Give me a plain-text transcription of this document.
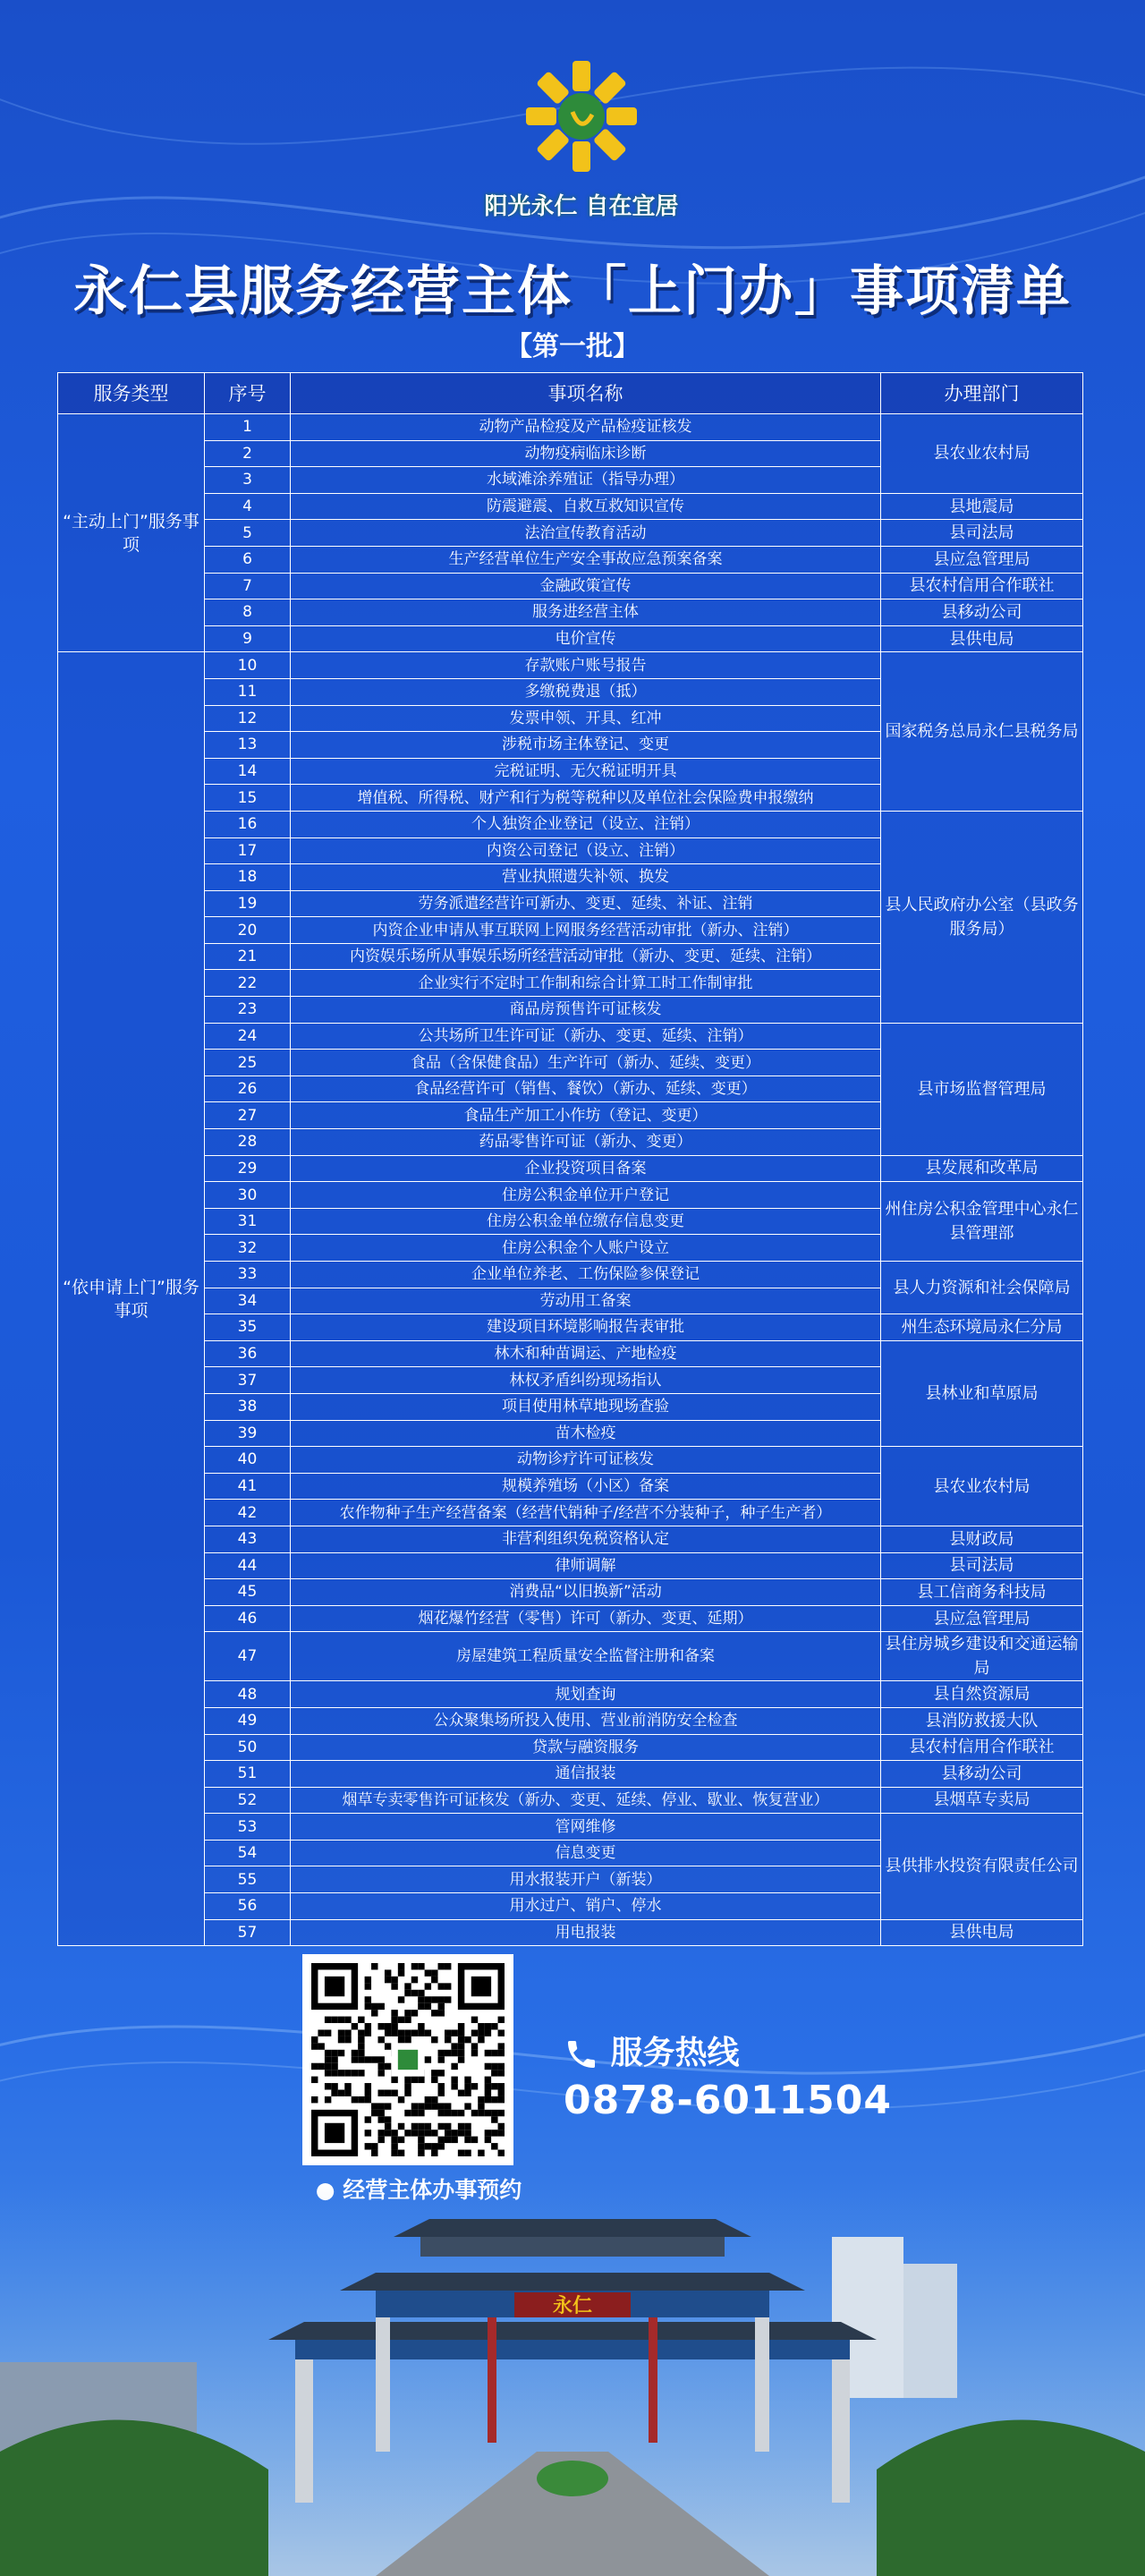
阳光永仁 自在宜居
永仁县服务经营主体「上门办」事项清单
【第一批】
服务类型	序号	事项名称	办理部门
“主动上门”服务事项	1	动物产品检疫及产品检疫证核发	县农业农村局
	2	动物疫病临床诊断	
	3	水域滩涂养殖证（指导办理）	
	4	防震避震、自救互救知识宣传	县地震局
	5	法治宣传教育活动	县司法局
	6	生产经营单位生产安全事故应急预案备案	县应急管理局
	7	金融政策宣传	县农村信用合作联社
	8	服务进经营主体	县移动公司
	9	电价宣传	县供电局
“依申请上门”服务事项	10	存款账户账号报告	国家税务总局永仁县税务局
	11	多缴税费退（抵）	
	12	发票申领、开具、红冲	
	13	涉税市场主体登记、变更	
	14	完税证明、无欠税证明开具	
	15	增值税、所得税、财产和行为税等税种以及单位社会保险费申报缴纳	
	16	个人独资企业登记（设立、注销）	县人民政府办公室（县政务服务局）
	17	内资公司登记（设立、注销）	
	18	营业执照遗失补领、换发	
	19	劳务派遣经营许可新办、变更、延续、补证、注销	
	20	内资企业申请从事互联网上网服务经营活动审批（新办、注销）	
	21	内资娱乐场所从事娱乐场所经营活动审批（新办、变更、延续、注销）	
	22	企业实行不定时工作制和综合计算工时工作制审批	
	23	商品房预售许可证核发	
	24	公共场所卫生许可证（新办、变更、延续、注销）	县市场监督管理局
	25	食品（含保健食品）生产许可（新办、延续、变更）	
	26	食品经营许可（销售、餐饮）（新办、延续、变更）	
	27	食品生产加工小作坊（登记、变更）	
	28	药品零售许可证（新办、变更）	
	29	企业投资项目备案	县发展和改革局
	30	住房公积金单位开户登记	州住房公积金管理中心永仁县管理部
	31	住房公积金单位缴存信息变更	
	32	住房公积金个人账户设立	
	33	企业单位养老、工伤保险参保登记	县人力资源和社会保障局
	34	劳动用工备案	
	35	建设项目环境影响报告表审批	州生态环境局永仁分局
	36	林木和种苗调运、产地检疫	县林业和草原局
	37	林权矛盾纠纷现场指认	
	38	项目使用林草地现场查验	
	39	苗木检疫	
	40	动物诊疗许可证核发	县农业农村局
	41	规模养殖场（小区）备案	
	42	农作物种子生产经营备案（经营代销种子/经营不分装种子，种子生产者）	
	43	非营利组织免税资格认定	县财政局
	44	律师调解	县司法局
	45	消费品“以旧换新”活动	县工信商务科技局
	46	烟花爆竹经营（零售）许可（新办、变更、延期）	县应急管理局
	47	房屋建筑工程质量安全监督注册和备案	县住房城乡建设和交通运输局
	48	规划查询	县自然资源局
	49	公众聚集场所投入使用、营业前消防安全检查	县消防救援大队
	50	贷款与融资服务	县农村信用合作联社
	51	通信报装	县移动公司
	52	烟草专卖零售许可证核发（新办、变更、延续、停业、歇业、恢复营业）	县烟草专卖局
	53	管网维修	县供排水投资有限责任公司
	54	信息变更	
	55	用水报装开户（新装）	
	56	用水过户、销户、停水	
	57	用电报装	县供电局
服务热线
0878-6011504
永仁
